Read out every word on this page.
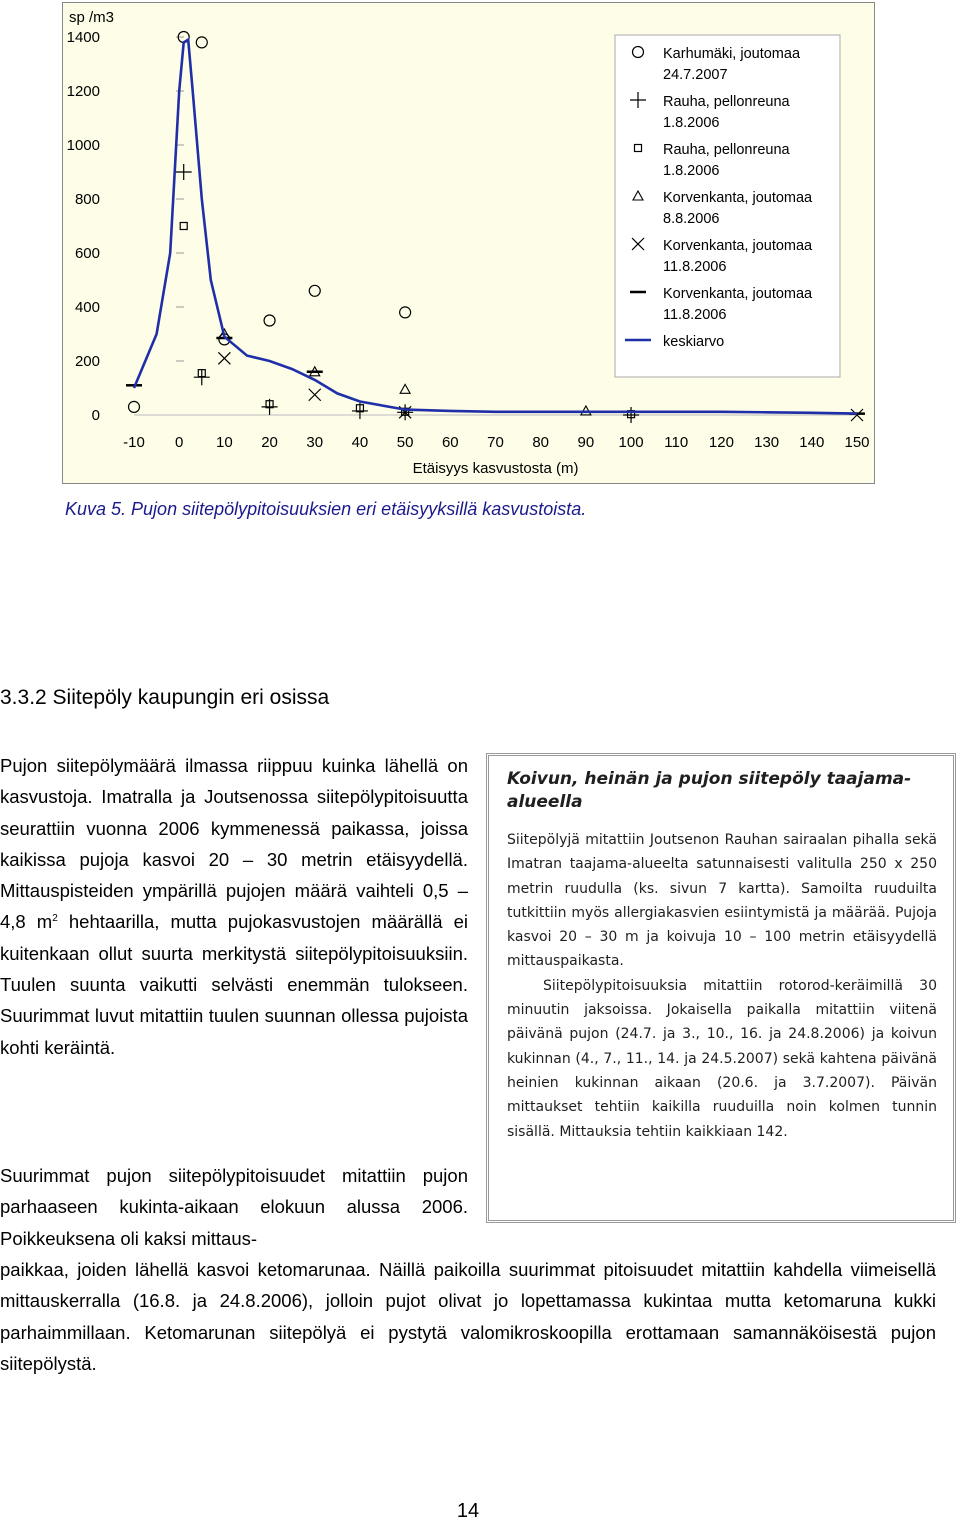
sp /m3
0
200
400
600
800
1000
1200
1400
-10 0 10 20 30 40 50 60 70 80 90 100 110 120 130 140 150
Etäisyys kasvustosta (m)
Karhumäki, joutomaa
24.7.2007
Rauha, pellonreuna
1.8.2006
Rauha, pellonreuna
1.8.2006
Korvenkanta, joutomaa
8.8.2006
Korvenkanta, joutomaa
11.8.2006
Korvenkanta, joutomaa
11.8.2006
keskiarvo
Kuva 5. Pujon siitepölypitoisuuksien eri etäisyyksillä kasvustoista.
3.3.2 Siitepöly kaupungin eri osissa

Pujon siitepölymäärä ilmassa riippuu kuinka lähellä on kasvustoja. Imatralla ja Joutsenossa siitepölypitoisuutta seurattiin vuonna 2006 kymmenessä paikassa, joissa kaikissa pujoja kasvoi 20 – 30 metrin etäisyydellä. Mittauspisteiden ympärillä pujojen määrä vaihteli 0,5 – 4,8 $m^2$ hehtaarilla, mutta pujokasvustojen määrällä ei kuitenkaan ollut suurta merkitystä siitepölypitoisuuksiin. Tuulen suunta vaikutti selvästi enemmän tulokseen. Suurimmat luvut mitattiin tuulen suunnan ollessa pujoista kohti keräintä.

Suurimmat pujon siitepölypitoisuudet mitattiin pujon parhaaseen kukinta-aikaan elokuun alussa 2006. Poikkeuksena oli kaksi mittaus-

paikkaa, joiden lähellä kasvoi ketomarunaa. Näillä paikoilla suurimmat pitoisuudet mitattiin kahdella viimeisellä mittauskerralla (16.8. ja 24.8.2006), jolloin pujot olivat jo lopettamassa kukintaa mutta ketomaruna kukki parhaimmillaan. Ketomarunan siitepölyä ei pystytä valomikroskoopilla erottamaan samannäköisestä pujon siitepölystä.

Koivun, heinän ja pujon siitepöly taajama-alueella

Siitepölyjä mitattiin Joutsenon Rauhan sairaalan pihalla sekä Imatran taajama-alueelta satunnaisesti valitulla 250 x 250 metrin ruudulla (ks. sivun 7 kartta). Samoilta ruuduilta tutkittiin myös allergiakasvien esiintymistä ja määrää. Pujoja kasvoi 20 – 30 m ja koivuja 10 – 100 metrin etäisyydellä mittauspaikasta.

Siitepölypitoisuuksia mitattiin rotorod-keräimillä 30 minuutin jaksoissa. Jokaisella paikalla mitattiin viitenä päivänä pujon (24.7. ja 3., 10., 16. ja 24.8.2006) ja koivun kukinnan (4., 7., 11., 14. ja 24.5.2007) sekä kahtena päivänä heinien kukinnan aikaan (20.6. ja 3.7.2007). Päivän mittaukset tehtiin kaikilla ruuduilla noin kolmen tunnin sisällä. Mittauksia tehtiin kaikkiaan 142.

14
